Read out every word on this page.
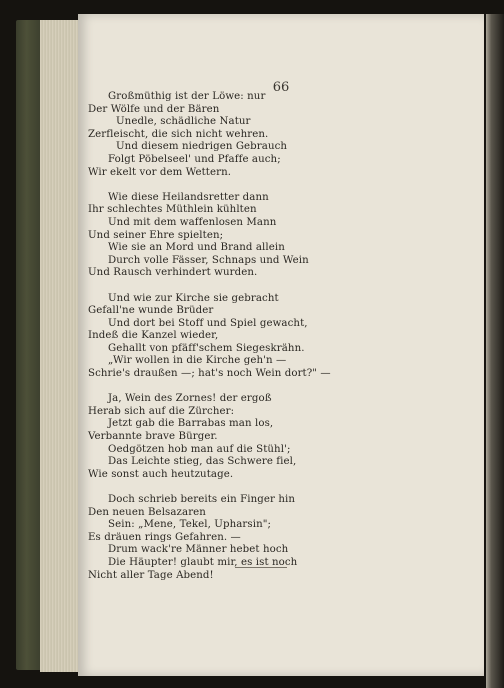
66

Großmüthig ist der Löwe: nur
Der Wölfe und der Bären
Unedle, schädliche Natur
Zerfleischt, die sich nicht wehren.
Und diesem niedrigen Gebrauch
Folgt Pöbelseel' und Pfaffe auch;
Wir ekelt vor dem Wettern.
Wie diese Heilandsretter dann
Ihr schlechtes Müthlein kühlten
Und mit dem waffenlosen Mann
Und seiner Ehre spielten;
Wie sie an Mord und Brand allein
Durch volle Fässer, Schnaps und Wein
Und Rausch verhindert wurden.
Und wie zur Kirche sie gebracht
Gefall'ne wunde Brüder
Und dort bei Stoff und Spiel gewacht,
Indeß die Kanzel wieder,
Gehallt von pfäff'schem Siegeskrähn.
„Wir wollen in die Kirche geh'n —
Schrie's draußen —; hat's noch Wein dort?" —
Ja, Wein des Zornes! der ergoß
Herab sich auf die Zürcher:
Jetzt gab die Barrabas man los,
Verbannte brave Bürger.
Oedgötzen hob man auf die Stühl';
Das Leichte stieg, das Schwere fiel,
Wie sonst auch heutzutage.
Doch schrieb bereits ein Finger hin
Den neuen Belsazaren
Sein: „Mene, Tekel, Upharsin";
Es dräuen rings Gefahren. —
Drum wack're Männer hebet hoch
Die Häupter! glaubt mir, es ist noch
Nicht aller Tage Abend!
